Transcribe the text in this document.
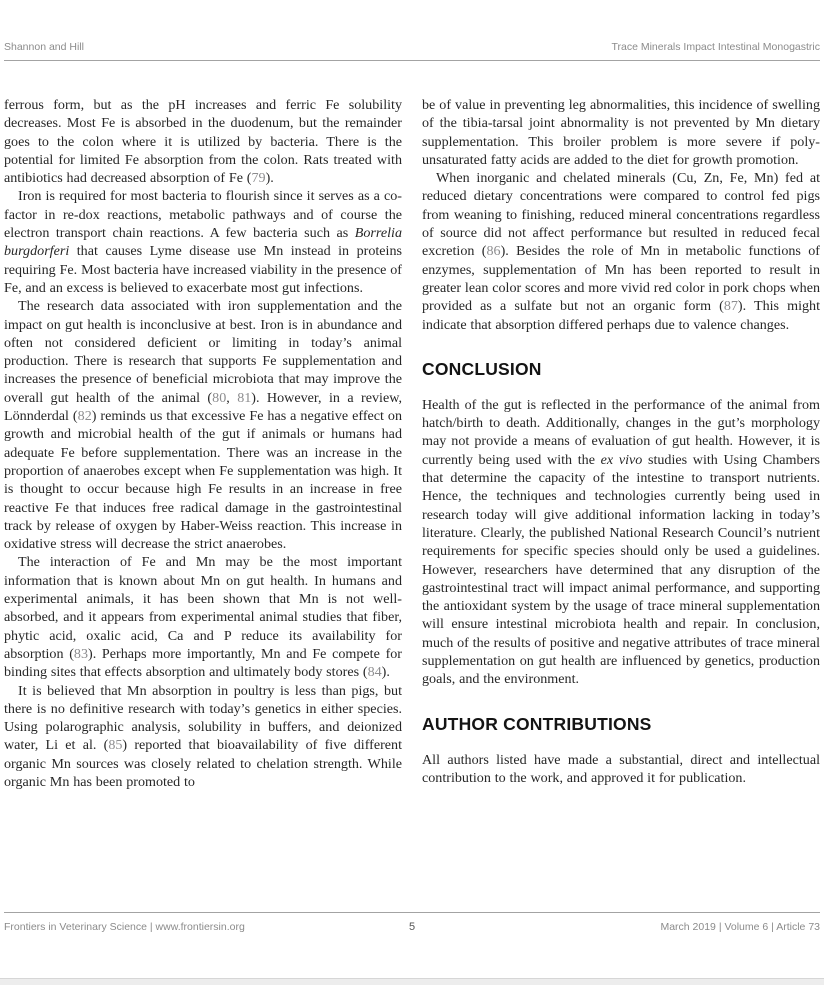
Shannon and Hill	Trace Minerals Impact Intestinal Monogastric

ferrous form, but as the pH increases and ferric Fe solubility decreases. Most Fe is absorbed in the duodenum, but the remainder goes to the colon where it is utilized by bacteria. There is the potential for limited Fe absorption from the colon. Rats treated with antibiotics had decreased absorption of Fe (79).

Iron is required for most bacteria to flourish since it serves as a co-factor in re-dox reactions, metabolic pathways and of course the electron transport chain reactions. A few bacteria such as Borrelia burgdorferi that causes Lyme disease use Mn instead in proteins requiring Fe. Most bacteria have increased viability in the presence of Fe, and an excess is believed to exacerbate most gut infections.

The research data associated with iron supplementation and the impact on gut health is inconclusive at best. Iron is in abundance and often not considered deficient or limiting in today’s animal production. There is research that supports Fe supplementation and increases the presence of beneficial microbiota that may improve the overall gut health of the animal (80, 81). However, in a review, Lönnderdal (82) reminds us that excessive Fe has a negative effect on growth and microbial health of the gut if animals or humans had adequate Fe before supplementation. There was an increase in the proportion of anaerobes except when Fe supplementation was high. It is thought to occur because high Fe results in an increase in free reactive Fe that induces free radical damage in the gastrointestinal track by release of oxygen by Haber-Weiss reaction. This increase in oxidative stress will decrease the strict anaerobes.

The interaction of Fe and Mn may be the most important information that is known about Mn on gut health. In humans and experimental animals, it has been shown that Mn is not well-absorbed, and it appears from experimental animal studies that fiber, phytic acid, oxalic acid, Ca and P reduce its availability for absorption (83). Perhaps more importantly, Mn and Fe compete for binding sites that effects absorption and ultimately body stores (84).

It is believed that Mn absorption in poultry is less than pigs, but there is no definitive research with today’s genetics in either species. Using polarographic analysis, solubility in buffers, and deionized water, Li et al. (85) reported that bioavailability of five different organic Mn sources was closely related to chelation strength. While organic Mn has been promoted to

be of value in preventing leg abnormalities, this incidence of swelling of the tibia-tarsal joint abnormality is not prevented by Mn dietary supplementation. This broiler problem is more severe if poly-unsaturated fatty acids are added to the diet for growth promotion.

When inorganic and chelated minerals (Cu, Zn, Fe, Mn) fed at reduced dietary concentrations were compared to control fed pigs from weaning to finishing, reduced mineral concentrations regardless of source did not affect performance but resulted in reduced fecal excretion (86). Besides the role of Mn in metabolic functions of enzymes, supplementation of Mn has been reported to result in greater lean color scores and more vivid red color in pork chops when provided as a sulfate but not an organic form (87). This might indicate that absorption differed perhaps due to valence changes.

CONCLUSION

Health of the gut is reflected in the performance of the animal from hatch/birth to death. Additionally, changes in the gut’s morphology may not provide a means of evaluation of gut health. However, it is currently being used with the ex vivo studies with Using Chambers that determine the capacity of the intestine to transport nutrients. Hence, the techniques and technologies currently being used in research today will give additional information lacking in today’s literature. Clearly, the published National Research Council’s nutrient requirements for specific species should only be used a guidelines. However, researchers have determined that any disruption of the gastrointestinal tract will impact animal performance, and supporting the antioxidant system by the usage of trace mineral supplementation will ensure intestinal microbiota health and repair. In conclusion, much of the results of positive and negative attributes of trace mineral supplementation on gut health are influenced by genetics, production goals, and the environment.

AUTHOR CONTRIBUTIONS

All authors listed have made a substantial, direct and intellectual contribution to the work, and approved it for publication.

Frontiers in Veterinary Science | www.frontiersin.org	5	March 2019 | Volume 6 | Article 73
